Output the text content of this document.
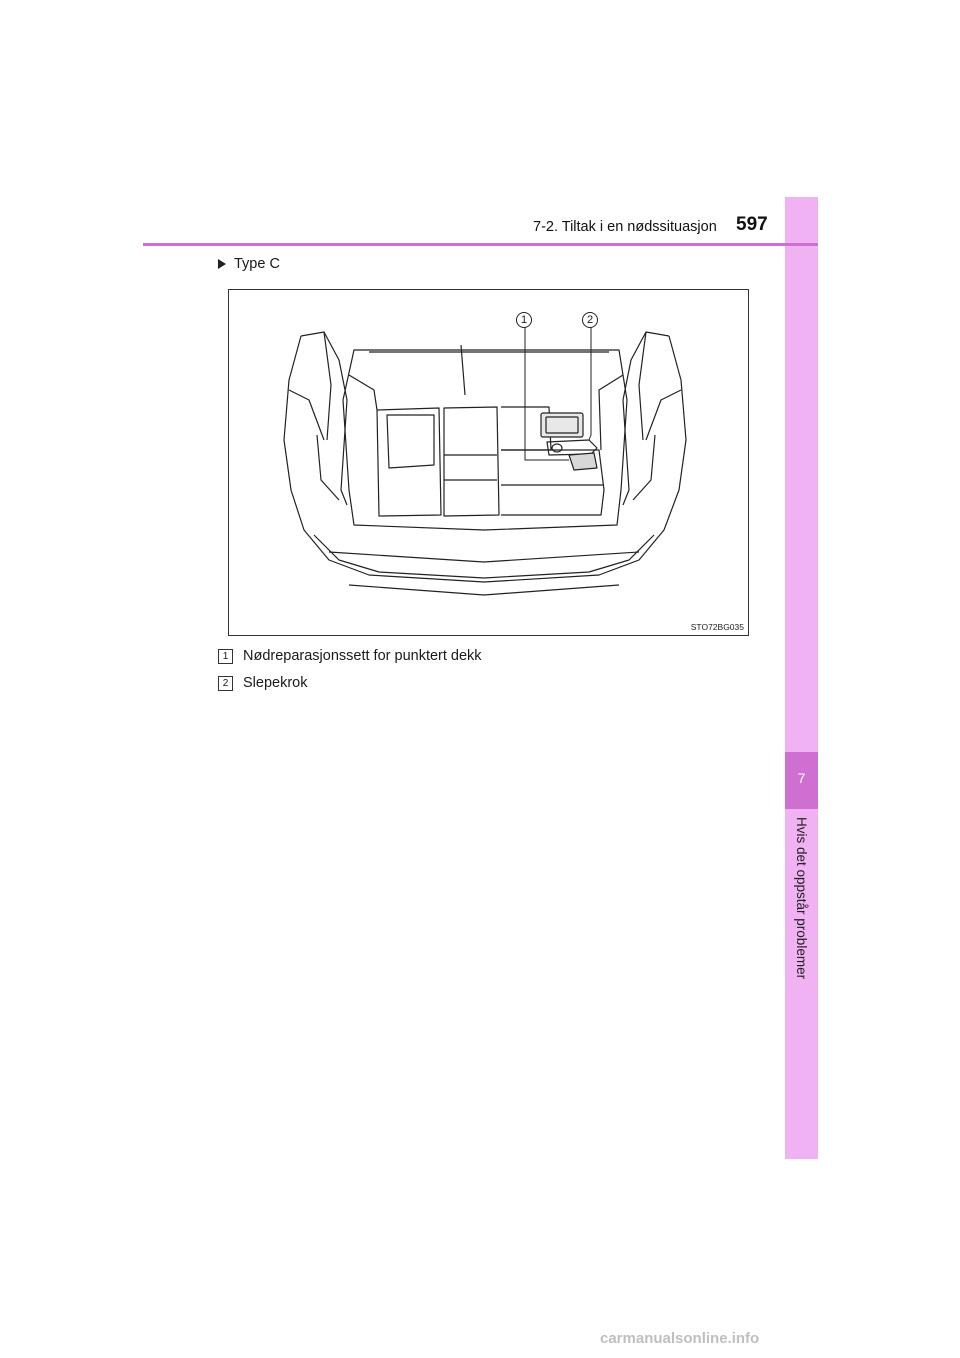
7
Hvis det oppstår problemer
7-2. Tiltak i en nødssituasjon 597
Type C
1	2
STO72BG035
1	Nødreparasjonssett for punktert dekk
2	Slepekrok
carmanualsonline.info
